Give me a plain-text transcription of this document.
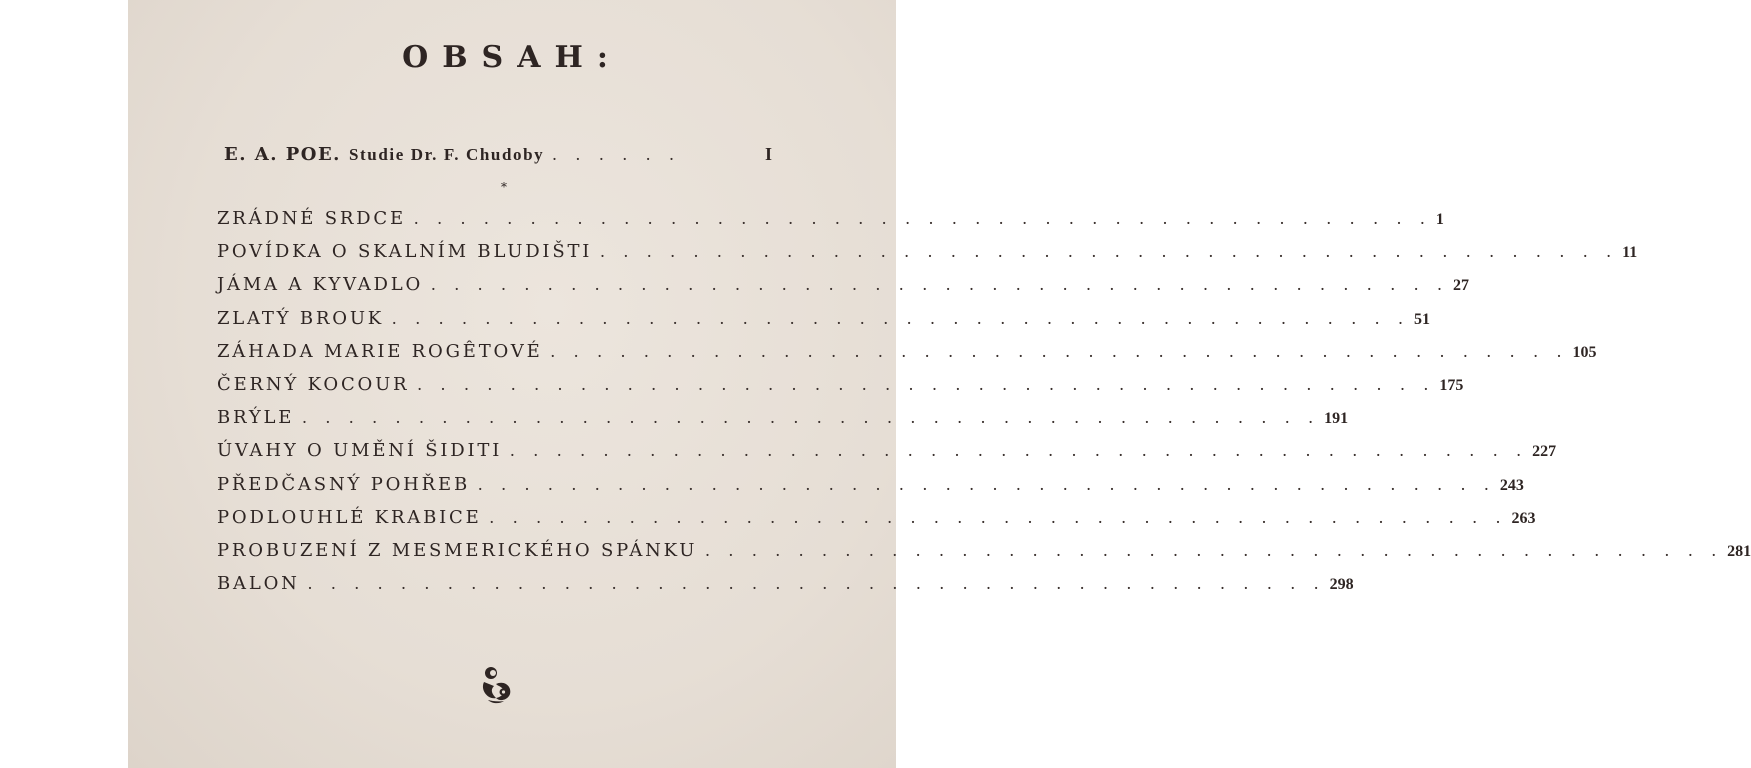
OBSAH:
E. A. POE. Studie Dr. F. Chudoby . . . . . .	I
*
ZRÁDNÉ SRDCE . . . . . . . . . . . . . . . . . . . . . . . . . . . . . . . . . . . . . . . . . . . . 1
POVÍDKA O SKALNÍM BLUDIŠTI . . . . . . . . . . . . . . . . . . . . . . . . . . . . . . . . . . . . . . . . . . . . 11
JÁMA A KYVADLO . . . . . . . . . . . . . . . . . . . . . . . . . . . . . . . . . . . . . . . . . . . . 27
ZLATÝ BROUK . . . . . . . . . . . . . . . . . . . . . . . . . . . . . . . . . . . . . . . . . . . . 51
ZÁHADA MARIE ROGÊTOVÉ . . . . . . . . . . . . . . . . . . . . . . . . . . . . . . . . . . . . . . . . . . . . 105
ČERNÝ KOCOUR . . . . . . . . . . . . . . . . . . . . . . . . . . . . . . . . . . . . . . . . . . . . 175
BRÝLE . . . . . . . . . . . . . . . . . . . . . . . . . . . . . . . . . . . . . . . . . . . . 191
ÚVAHY O UMĚNÍ ŠIDITI . . . . . . . . . . . . . . . . . . . . . . . . . . . . . . . . . . . . . . . . . . . . 227
PŘEDČASNÝ POHŘEB . . . . . . . . . . . . . . . . . . . . . . . . . . . . . . . . . . . . . . . . . . . . 243
PODLOUHLÉ KRABICE . . . . . . . . . . . . . . . . . . . . . . . . . . . . . . . . . . . . . . . . . . . . 263
PROBUZENÍ Z MESMERICKÉHO SPÁNKU . . . . . . . . . . . . . . . . . . . . . . . . . . . . . . . . . . . . . . . . . . . . 281
BALON . . . . . . . . . . . . . . . . . . . . . . . . . . . . . . . . . . . . . . . . . . . . 298
